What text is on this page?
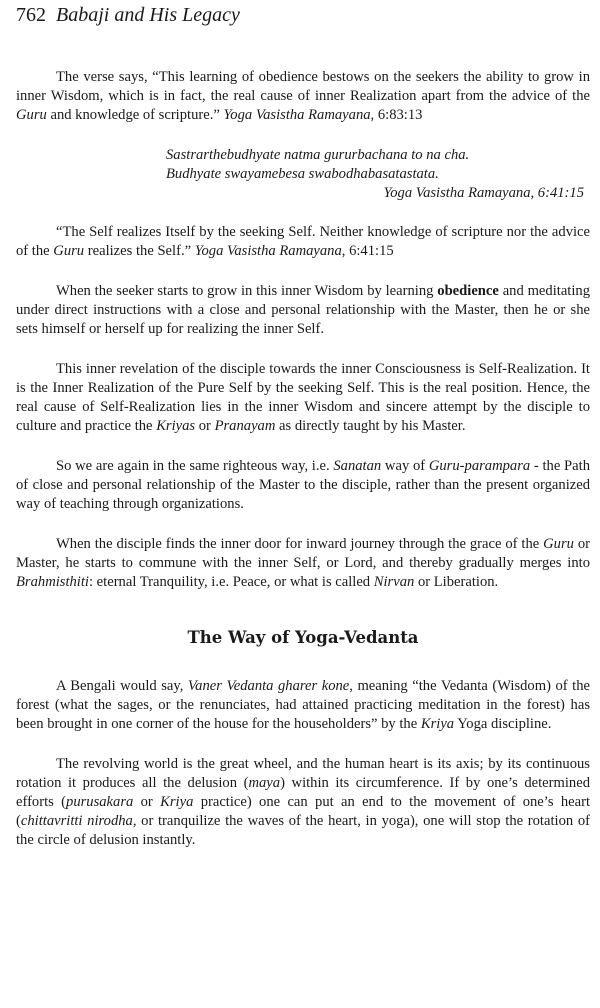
762 Babaji and His Legacy

The verse says, “This learning of obedience bestows on the seekers the ability to grow in inner Wisdom, which is in fact, the real cause of inner Realization apart from the advice of the Guru and knowledge of scripture.” Yoga Vasistha Ramayana, 6:83:13

Sastrarthebudhyate natma gururbachana to na cha.
Budhyate swayamebesa swabodhabasatastata.
Yoga Vasistha Ramayana, 6:41:15

“The Self realizes Itself by the seeking Self. Neither knowledge of scripture nor the advice of the Guru realizes the Self.” Yoga Vasistha Ramayana, 6:41:15

When the seeker starts to grow in this inner Wisdom by learning obedience and meditating under direct instructions with a close and personal relationship with the Master, then he or she sets himself or herself up for realizing the inner Self.

This inner revelation of the disciple towards the inner Consciousness is Self-Realization. It is the Inner Realization of the Pure Self by the seeking Self. This is the real position. Hence, the real cause of Self-Realization lies in the inner Wisdom and sincere attempt by the disciple to culture and practice the Kriyas or Pranayam as directly taught by his Master.

So we are again in the same righteous way, i.e. Sanatan way of Guru-parampara - the Path of close and personal relationship of the Master to the disciple, rather than the present organized way of teaching through organizations.

When the disciple finds the inner door for inward journey through the grace of the Guru or Master, he starts to commune with the inner Self, or Lord, and thereby gradually merges into Brahmisthiti: eternal Tranquility, i.e. Peace, or what is called Nirvan or Liberation.

The Way of Yoga-Vedanta

A Bengali would say, Vaner Vedanta gharer kone, meaning “the Vedanta (Wisdom) of the forest (what the sages, or the renunciates, had attained practicing meditation in the forest) has been brought in one corner of the house for the householders” by the Kriya Yoga discipline.

The revolving world is the great wheel, and the human heart is its axis; by its continuous rotation it produces all the delusion (maya) within its circumference. If by one’s determined efforts (purusakara or Kriya practice) one can put an end to the movement of one’s heart (chittavritti nirodha, or tranquilize the waves of the heart, in yoga), one will stop the rotation of the circle of delusion instantly.
